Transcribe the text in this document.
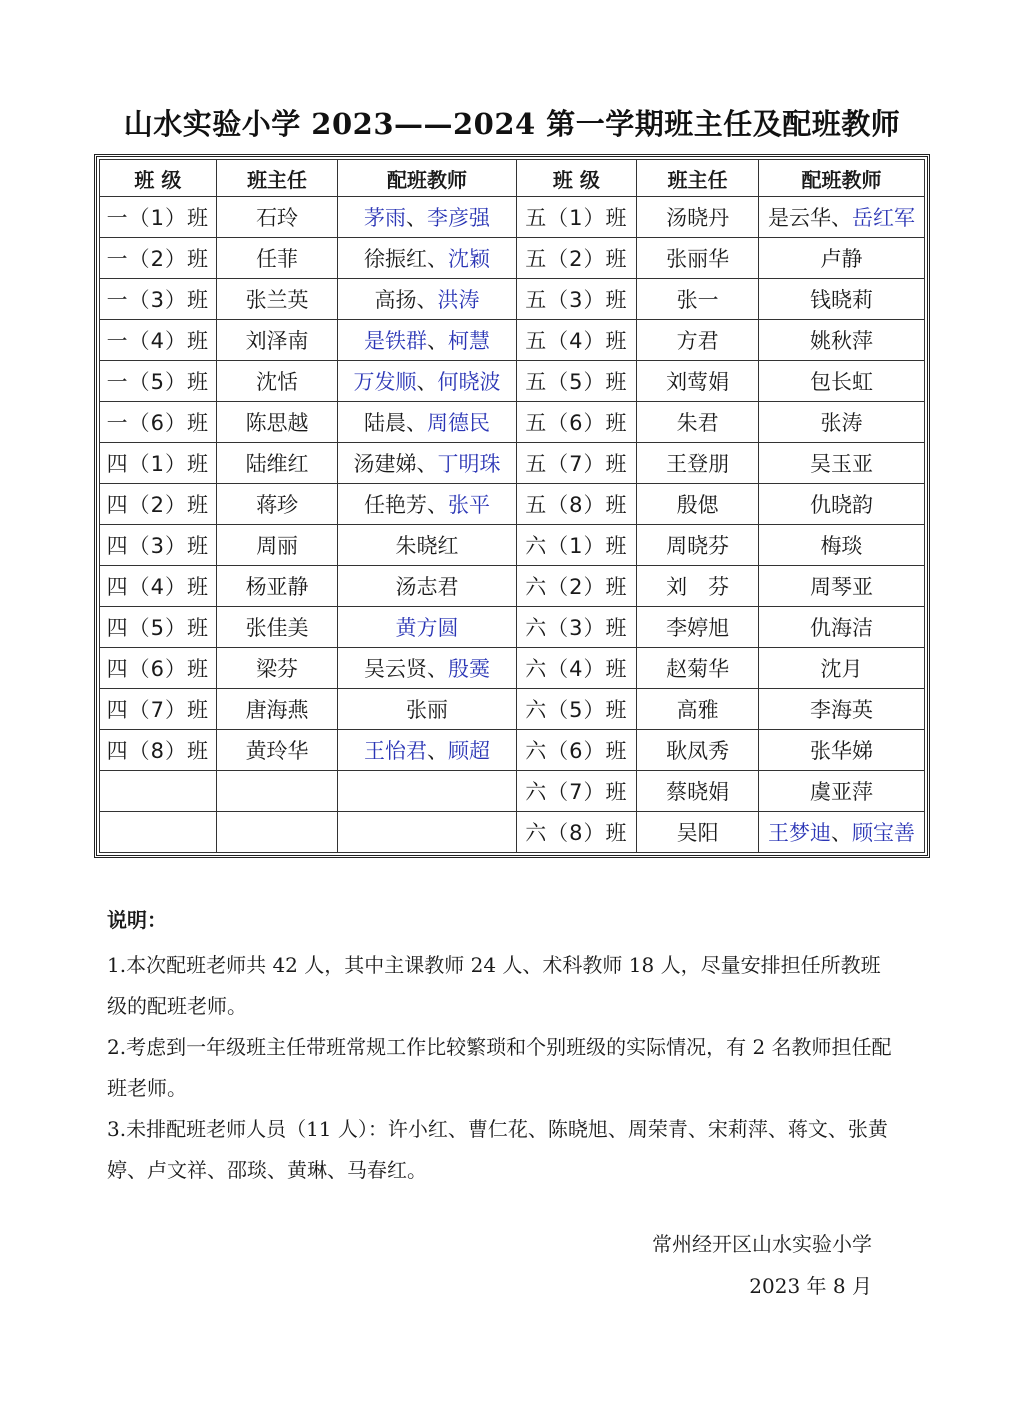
山水实验小学 2023——2024 第一学期班主任及配班教师
班 级	班主任	配班教师	班 级	班主任	配班教师
一（1）班	石玲	茅雨、李彦强	五（1）班	汤晓丹	是云华、岳红军
一（2）班	任菲	徐振红、沈颖	五（2）班	张丽华	卢静
一（3）班	张兰英	高扬、洪涛	五（3）班	张一	钱晓莉
一（4）班	刘泽南	是铁群、柯慧	五（4）班	方君	姚秋萍
一（5）班	沈恬	万发顺、何晓波	五（5）班	刘莺娟	包长虹
一（6）班	陈思越	陆晨、周德民	五（6）班	朱君	张涛
四（1）班	陆维红	汤建娣、丁明珠	五（7）班	王登朋	吴玉亚
四（2）班	蒋珍	任艳芳、张平	五（8）班	殷偲	仇晓韵
四（3）班	周丽	朱晓红	六（1）班	周晓芬	梅琰
四（4）班	杨亚静	汤志君	六（2）班	刘　芬	周琴亚
四（5）班	张佳美	黄方圆	六（3）班	李婷旭	仇海洁
四（6）班	梁芬	吴云贤、殷霙	六（4）班	赵菊华	沈月
四（7）班	唐海燕	张丽	六（5）班	高雅	李海英
四（8）班	黄玲华	王怡君、顾超	六（6）班	耿凤秀	张华娣
			六（7）班	蔡晓娟	虞亚萍
			六（8）班	吴阳	王梦迪、顾宝善
说明：

1.本次配班老师共 42 人，其中主课教师 24 人、术科教师 18 人，尽量安排担任所教班级的配班老师。

2.考虑到一年级班主任带班常规工作比较繁琐和个别班级的实际情况，有 2 名教师担任配班老师。

3.未排配班老师人员（11 人）：许小红、曹仁花、陈晓旭、周荣青、宋莉萍、蒋文、张黄婷、卢文祥、邵琰、黄琳、马春红。

常州经开区山水实验小学
2023 年 8 月
